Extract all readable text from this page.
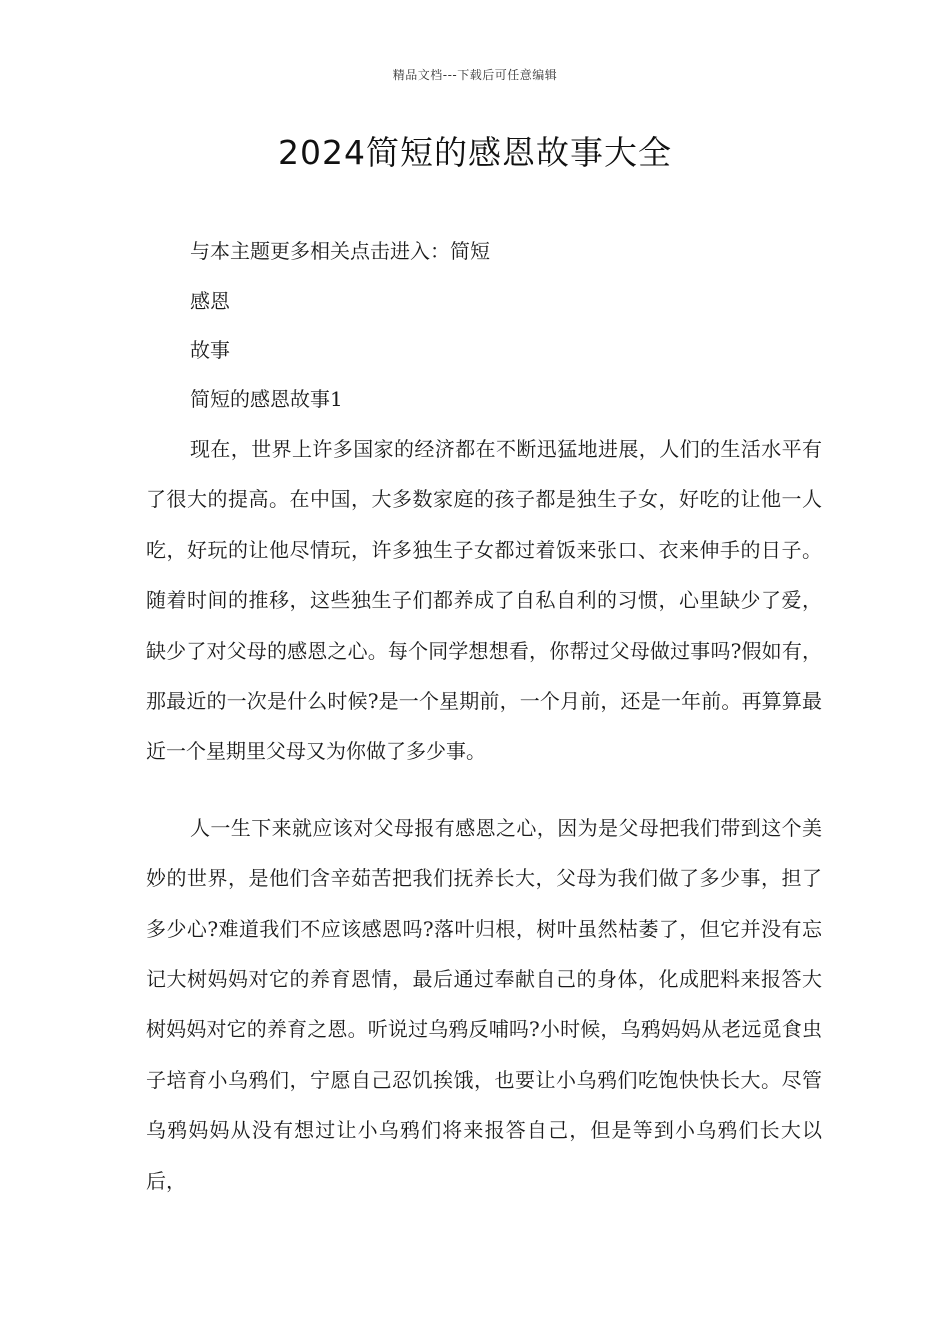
精品文档---下载后可任意编辑
2024简短的感恩故事大全
与本主题更多相关点击进入：简短
感恩
故事
简短的感恩故事1

现在，世界上许多国家的经济都在不断迅猛地进展，人们的生活水平有了很大的提高。在中国，大多数家庭的孩子都是独生子女，好吃的让他一人吃，好玩的让他尽情玩，许多独生子女都过着饭来张口、衣来伸手的日子。随着时间的推移，这些独生子们都养成了自私自利的习惯，心里缺少了爱，缺少了对父母的感恩之心。每个同学想想看，你帮过父母做过事吗?假如有，那最近的一次是什么时候?是一个星期前，一个月前，还是一年前。再算算最近一个星期里父母又为你做了多少事。

人一生下来就应该对父母报有感恩之心，因为是父母把我们带到这个美妙的世界，是他们含辛茹苦把我们抚养长大，父母为我们做了多少事，担了多少心?难道我们不应该感恩吗?落叶归根，树叶虽然枯萎了，但它并没有忘记大树妈妈对它的养育恩情，最后通过奉献自己的身体，化成肥料来报答大树妈妈对它的养育之恩。听说过乌鸦反哺吗?小时候，乌鸦妈妈从老远觅食虫子培育小乌鸦们，宁愿自己忍饥挨饿，也要让小乌鸦们吃饱快快长大。尽管乌鸦妈妈从没有想过让小乌鸦们将来报答自己，但是等到小乌鸦们长大以后，
